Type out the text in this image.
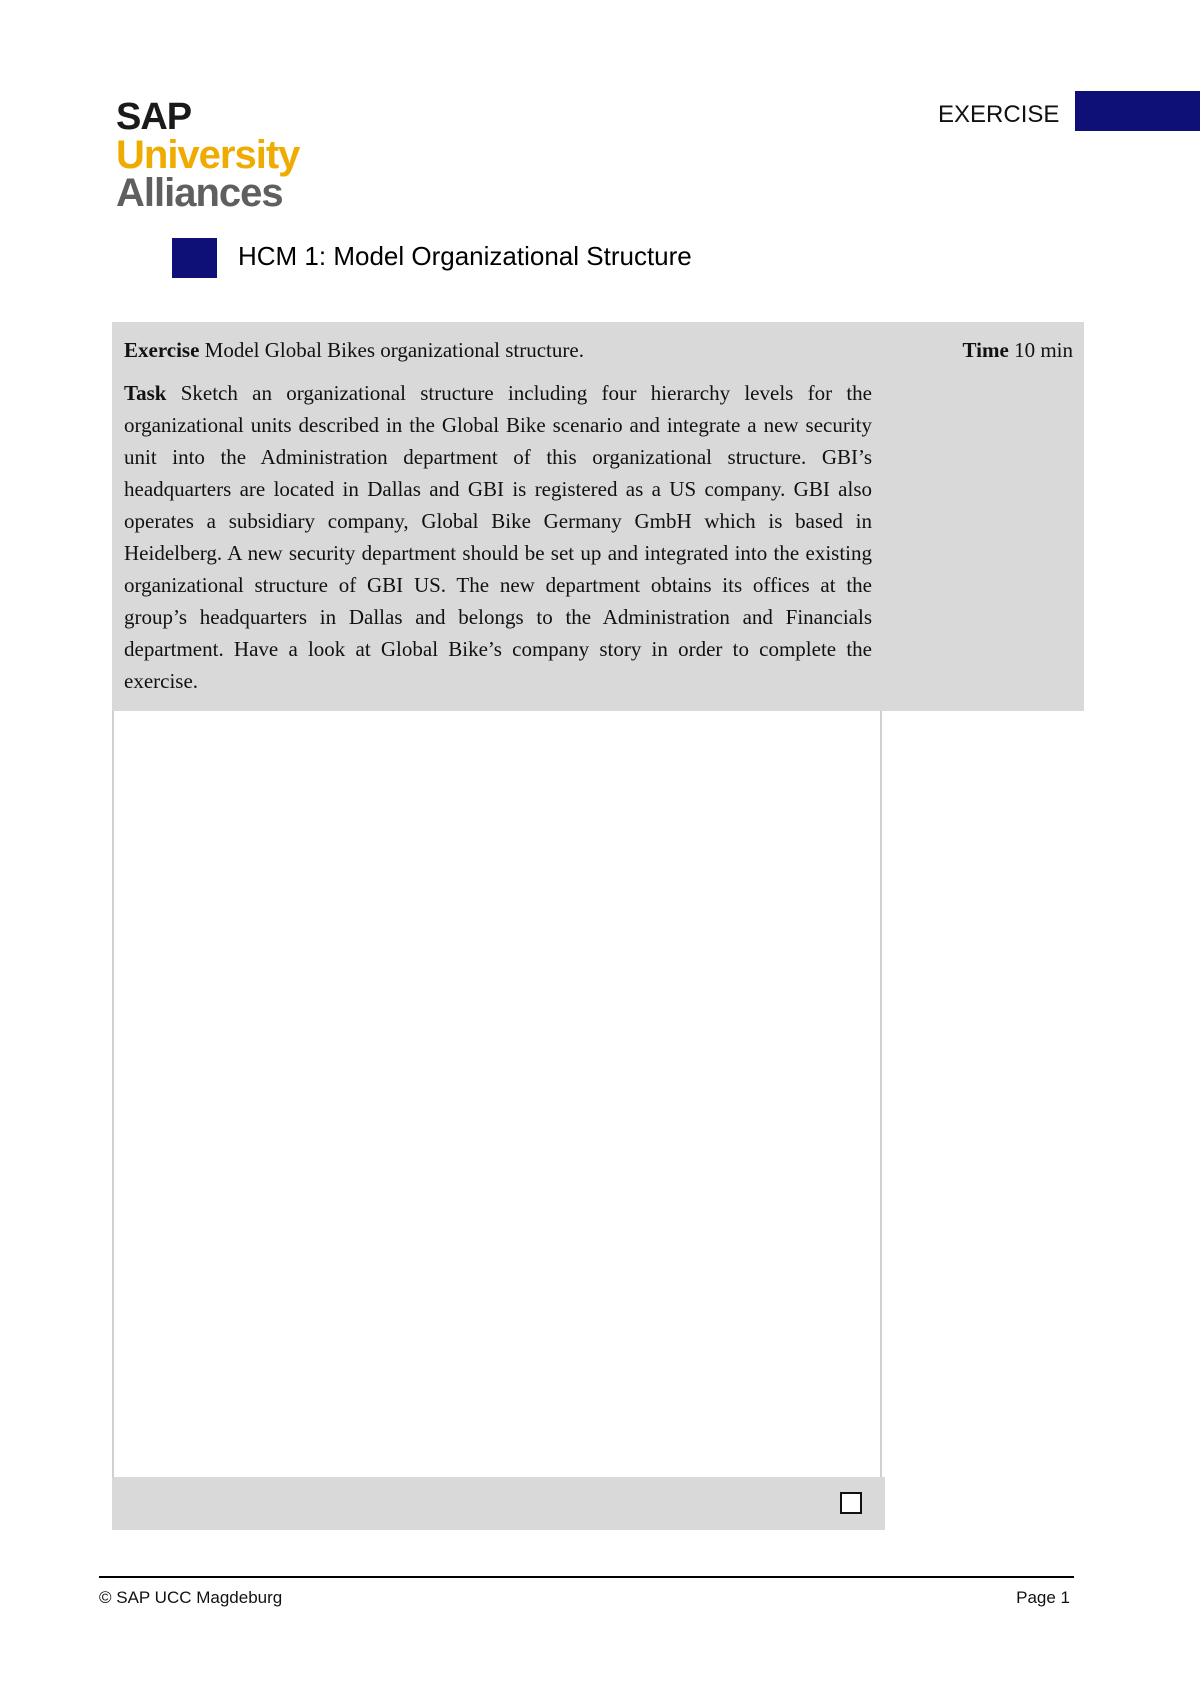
SAP
University
Alliances
EXERCISE
HCM 1: Model Organizational Structure

Exercise Model Global Bikes organizational structure.

Task Sketch an organizational structure including four hierarchy levels for the organizational units described in the Global Bike scenario and integrate a new security unit into the Administration department of this organizational structure. GBI’s headquarters are located in Dallas and GBI is registered as a US company. GBI also operates a subsidiary company, Global Bike Germany GmbH which is based in Heidelberg. A new security department should be set up and integrated into the existing organizational structure of GBI US. The new department obtains its offices at the group’s headquarters in Dallas and belongs to the Administration and Financials department. Have a look at Global Bike’s company story in order to complete the exercise.

Time 10 min
© SAP UCC Magdeburg	Page 1
